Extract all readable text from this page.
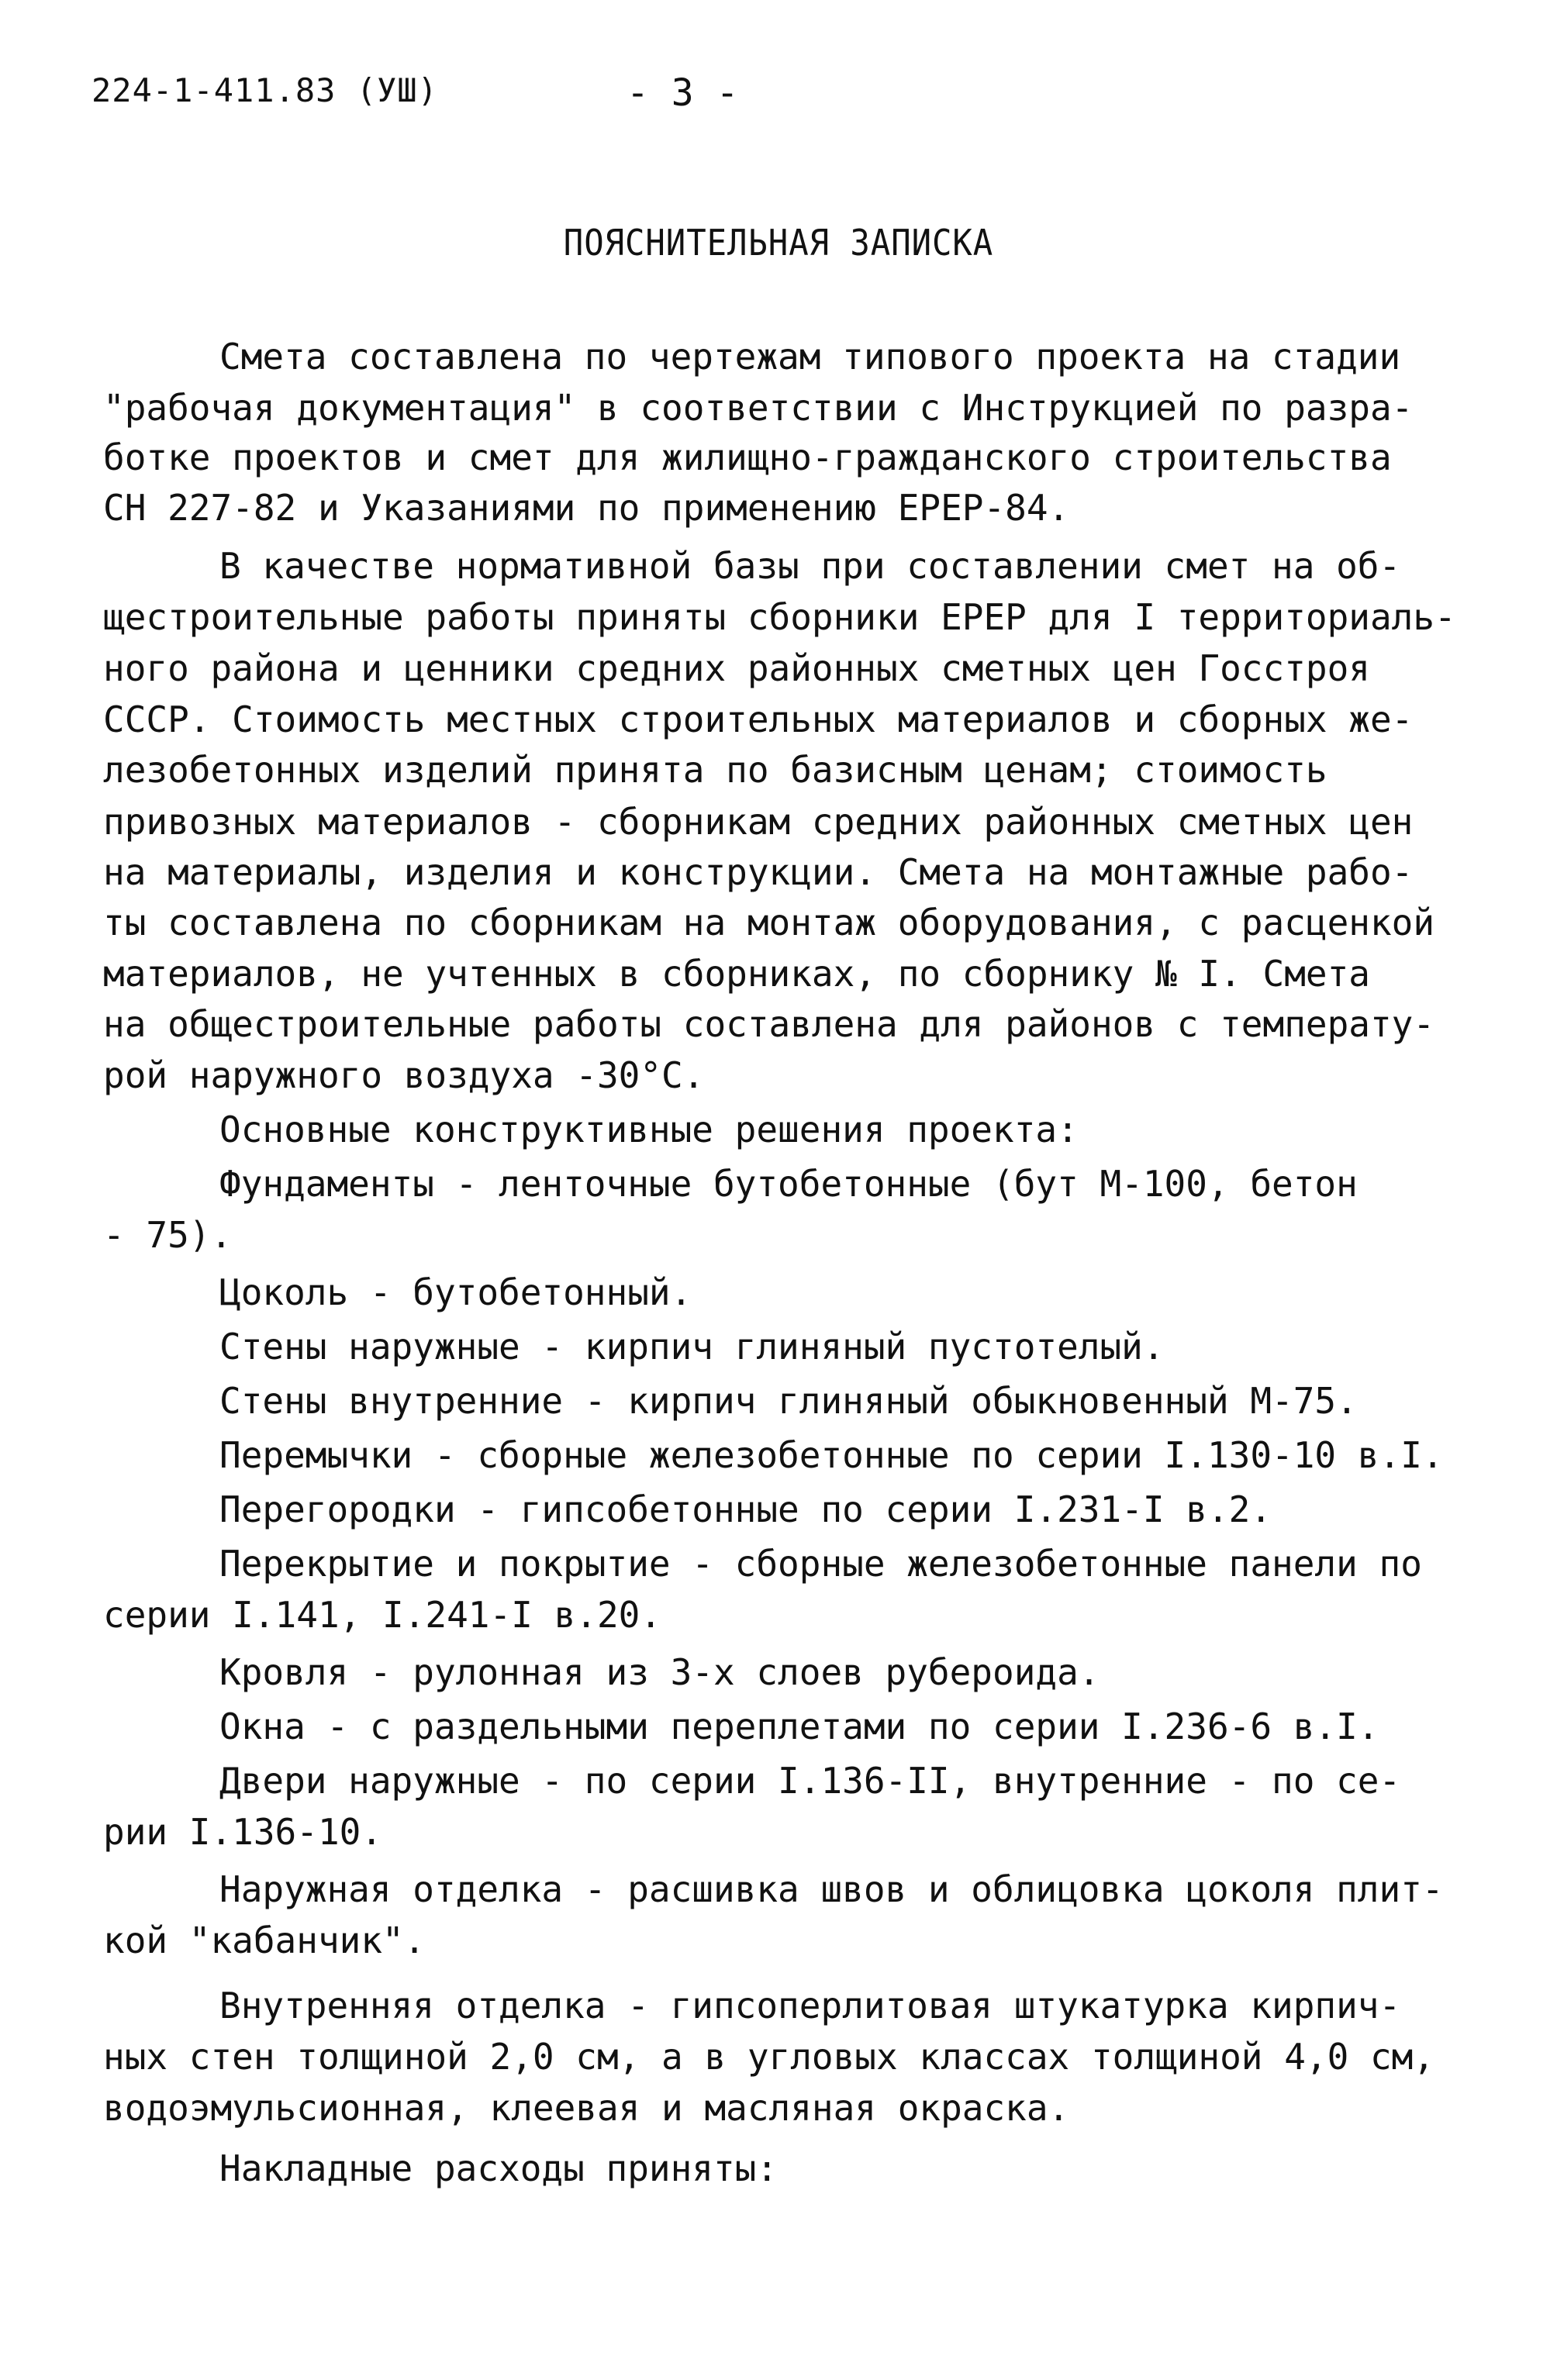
224-1-411.83 (УШ)	- 3 -
ПОЯСНИТЕЛЬНАЯ ЗАПИСКА
Смета составлена по чертежам типового проекта на стадии
"рабочая документация" в соответствии с Инструкцией по разра-
ботке проектов и смет для жилищно-гражданского строительства
СН 227-82 и Указаниями по применению ЕРЕР-84.
В качестве нормативной базы при составлении смет на об-
щестроительные работы приняты сборники ЕРЕР для I территориаль-
ного района и ценники средних районных сметных цен Госстроя
СССР. Стоимость местных строительных материалов и сборных же-
лезобетонных изделий принята по базисным ценам; стоимость
привозных материалов - сборникам средних районных сметных цен
на материалы, изделия и конструкции. Смета на монтажные рабо-
ты составлена по сборникам на монтаж оборудования, с расценкой
материалов, не учтенных в сборниках, по сборнику № I. Смета
на общестроительные работы составлена для районов с температу-
рой наружного воздуха -30°С.
Основные конструктивные решения проекта:
Фундаменты - ленточные бутобетонные (бут М-100, бетон
- 75).
Цоколь - бутобетонный.
Стены наружные - кирпич глиняный пустотелый.
Стены внутренние - кирпич глиняный обыкновенный М-75.
Перемычки - сборные железобетонные по серии I.130-10 в.I.
Перегородки - гипсобетонные по серии I.231-I в.2.
Перекрытие и покрытие - сборные железобетонные панели по
серии I.141, I.241-I в.20.
Кровля - рулонная из 3-х слоев рубероида.
Окна - с раздельными переплетами по серии I.236-6 в.I.
Двери наружные - по серии I.136-II, внутренние - по се-
рии I.136-10.
Наружная отделка - расшивка швов и облицовка цоколя плит-
кой "кабанчик".
Внутренняя отделка - гипсоперлитовая штукатурка кирпич-
ных стен толщиной 2,0 см, а в угловых классах толщиной 4,0 см,
водоэмульсионная, клеевая и масляная окраска.
Накладные расходы приняты:
